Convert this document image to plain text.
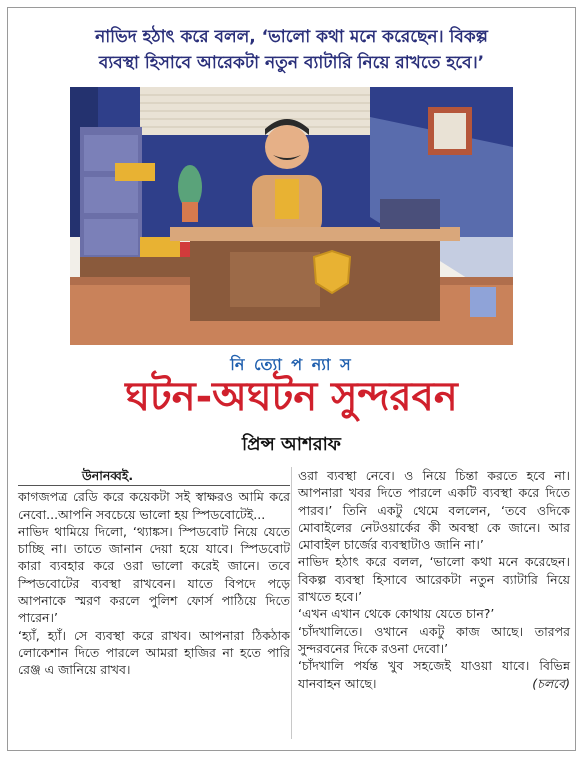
নাভিদ হঠাৎ করে বলল, ‘ভালো কথা মনে করেছেন। বিকল্প
ব্যবস্থা হিসাবে আরেকটা নতুন ব্যাটারি নিয়ে রাখতে হবে।’
নি ত্যো প ন্যা স
ঘটন-অঘটন সুন্দরবন
প্রিন্স আশরাফ

উনানব্বই.

কাগজপত্র রেডি করে কয়েকটা সই স্বাক্ষরও আমি করে নেবো...আপনি সবচেয়ে ভালো হয় স্পিডবোটেই...

নাভিদ থামিয়ে দিলো, ‘থ্যাঙ্কস। স্পিডবোট নিয়ে যেতে চাচ্ছি না। তাতে জানান দেয়া হয়ে যাবে। স্পিডবোট কারা ব্যবহার করে ওরা ভালো করেই জানে। তবে স্পিডবোটের ব্যবস্থা রাখবেন। যাতে বিপদে পড়ে আপনাকে স্মরণ করলে পুলিশ ফোর্স পাঠিয়ে দিতে পারেন।’

‘হ্যাঁ, হ্যাঁ। সে ব্যবস্থা করে রাখব। আপনারা ঠিকঠাক লোকেশান দিতে পারলে আমরা হাজির না হতে পারি রেঞ্জ এ জানিয়ে রাখব।

ওরা ব্যবস্থা নেবে। ও নিয়ে চিন্তা করতে হবে না। আপনারা খবর দিতে পারলে একটি ব্যবস্থা করে দিতে পারব।’ তিনি একটু থেমে বললেন, ‘তবে ওদিকে মোবাইলের নেটওয়ার্কের কী অবস্থা কে জানে। আর মোবাইল চার্জের ব্যবস্থাটাও জানি না।’

নাভিদ হঠাৎ করে বলল, ‘ভালো কথা মনে করেছেন। বিকল্প ব্যবস্থা হিসাবে আরেকটা নতুন ব্যাটারি নিয়ে রাখতে হবে।’

‘এখন এখান থেকে কোথায় যেতে চান?’

‘চাঁদখালিতে। ওখানে একটু কাজ আছে। তারপর সুন্দরবনের দিকে রওনা দেবো।’

‘চাঁদখালি পর্যন্ত খুব সহজেই যাওয়া যাবে। বিভিন্ন যানবাহন আছে।	(চলবে)
